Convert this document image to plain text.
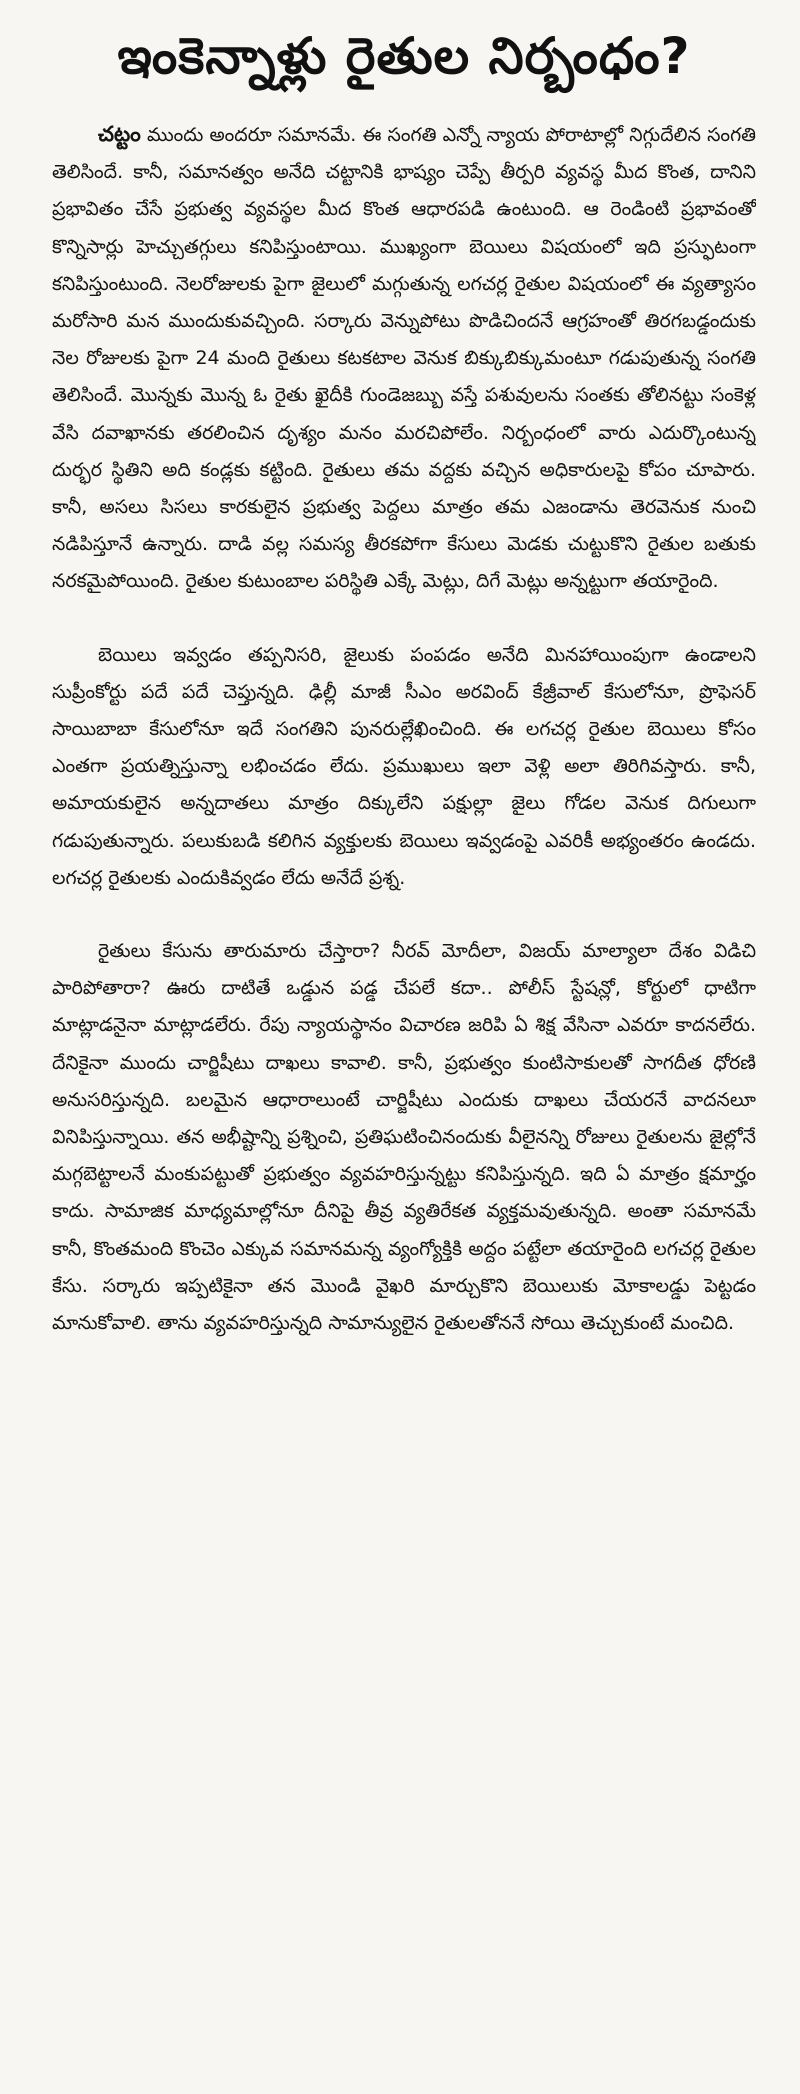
ఇంకెన్నాళ్లు రైతుల నిర్బంధం?

చట్టం ముందు అందరూ సమానమే. ఈ సంగతి ఎన్నో న్యాయ పోరాటాల్లో నిగ్గుదేలిన సంగతి తెలిసిందే. కానీ, సమానత్వం అనేది చట్టానికి భాష్యం చెప్పే తీర్పరి వ్యవస్థ మీద కొంత, దానిని ప్రభావితం చేసే ప్రభుత్వ వ్యవస్థల మీద కొంత ఆధారపడి ఉంటుంది. ఆ రెండింటి ప్రభావంతో కొన్నిసార్లు హెచ్చుతగ్గులు కనిపిస్తుంటాయి. ముఖ్యంగా బెయిలు విషయంలో ఇది ప్రస్ఫుటంగా కనిపిస్తుంటుంది. నెలరోజులకు పైగా జైలులో మగ్గుతున్న లగచర్ల రైతుల విషయంలో ఈ వ్యత్యాసం మరోసారి మన ముందుకువచ్చింది. సర్కారు వెన్నుపోటు పొడిచిందనే ఆగ్రహంతో తిరగబడ్డందుకు నెల రోజులకు పైగా 24 మంది రైతులు కటకటాల వెనుక బిక్కుబిక్కుమంటూ గడుపుతున్న సంగతి తెలిసిందే. మొన్నకు మొన్న ఓ రైతు ఖైదీకి గుండెజబ్బు వస్తే పశువులను సంతకు తోలినట్టు సంకెళ్ల వేసి దవాఖానకు తరలించిన దృశ్యం మనం మరచిపోలేం. నిర్బంధంలో వారు ఎదుర్కొంటున్న దుర్భర స్థితిని అది కండ్లకు కట్టింది. రైతులు తమ వద్దకు వచ్చిన అధికారులపై కోపం చూపారు. కానీ, అసలు సిసలు కారకులైన ప్రభుత్వ పెద్దలు మాత్రం తమ ఎజండాను తెరవెనుక నుంచి నడిపిస్తూనే ఉన్నారు. దాడి వల్ల సమస్య తీరకపోగా కేసులు మెడకు చుట్టుకొని రైతుల బతుకు నరకమైపోయింది. రైతుల కుటుంబాల పరిస్థితి ఎక్కే మెట్లు, దిగే మెట్లు అన్నట్టుగా తయారైంది.

బెయిలు ఇవ్వడం తప్పనిసరి, జైలుకు పంపడం అనేది మినహాయింపుగా ఉండాలని సుప్రీంకోర్టు పదే పదే చెప్తున్నది. ఢిల్లీ మాజీ సీఎం అరవింద్ కేజ్రీవాల్ కేసులోనూ, ప్రొఫెసర్ సాయిబాబా కేసులోనూ ఇదే సంగతిని పునరుల్లేఖించింది. ఈ లగచర్ల రైతుల బెయిలు కోసం ఎంతగా ప్రయత్నిస్తున్నా లభించడం లేదు. ప్రముఖులు ఇలా వెళ్లి అలా తిరిగివస్తారు. కానీ, అమాయకులైన అన్నదాతలు మాత్రం దిక్కులేని పక్షుల్లా జైలు గోడల వెనుక దిగులుగా గడుపుతున్నారు. పలుకుబడి కలిగిన వ్యక్తులకు బెయిలు ఇవ్వడంపై ఎవరికీ అభ్యంతరం ఉండదు. లగచర్ల రైతులకు ఎందుకివ్వడం లేదు అనేదే ప్రశ్న.

రైతులు కేసును తారుమారు చేస్తారా? నీరవ్ మోదీలా, విజయ్ మాల్యాలా దేశం విడిచి పారిపోతారా? ఊరు దాటితే ఒడ్డున పడ్డ చేపలే కదా.. పోలీస్ స్టేషన్లో, కోర్టులో ధాటిగా మాట్లాడనైనా మాట్లాడలేరు. రేపు న్యాయస్థానం విచారణ జరిపి ఏ శిక్ష వేసినా ఎవరూ కాదనలేరు. దేనికైనా ముందు చార్జిషీటు దాఖలు కావాలి. కానీ, ప్రభుత్వం కుంటిసాకులతో సాగదీత ధోరణి అనుసరిస్తున్నది. బలమైన ఆధారాలుంటే చార్జిషీటు ఎందుకు దాఖలు చేయరనే వాదనలూ వినిపిస్తున్నాయి. తన అభీష్టాన్ని ప్రశ్నించి, ప్రతిఘటించినందుకు వీలైనన్ని రోజులు రైతులను జైల్లోనే మగ్గబెట్టాలనే మంకుపట్టుతో ప్రభుత్వం వ్యవహరిస్తున్నట్టు కనిపిస్తున్నది. ఇది ఏ మాత్రం క్షమార్హం కాదు. సామాజిక మాధ్యమాల్లోనూ దీనిపై తీవ్ర వ్యతిరేకత వ్యక్తమవుతున్నది. అంతా సమానమే కానీ, కొంతమంది కొంచెం ఎక్కువ సమానమన్న వ్యంగ్యోక్తికి అద్దం పట్టేలా తయారైంది లగచర్ల రైతుల కేసు. సర్కారు ఇప్పటికైనా తన మొండి వైఖరి మార్చుకొని బెయిలుకు మోకాలడ్డు పెట్టడం మానుకోవాలి. తాను వ్యవహరిస్తున్నది సామాన్యులైన రైతులతోననే సోయి తెచ్చుకుంటే మంచిది.
